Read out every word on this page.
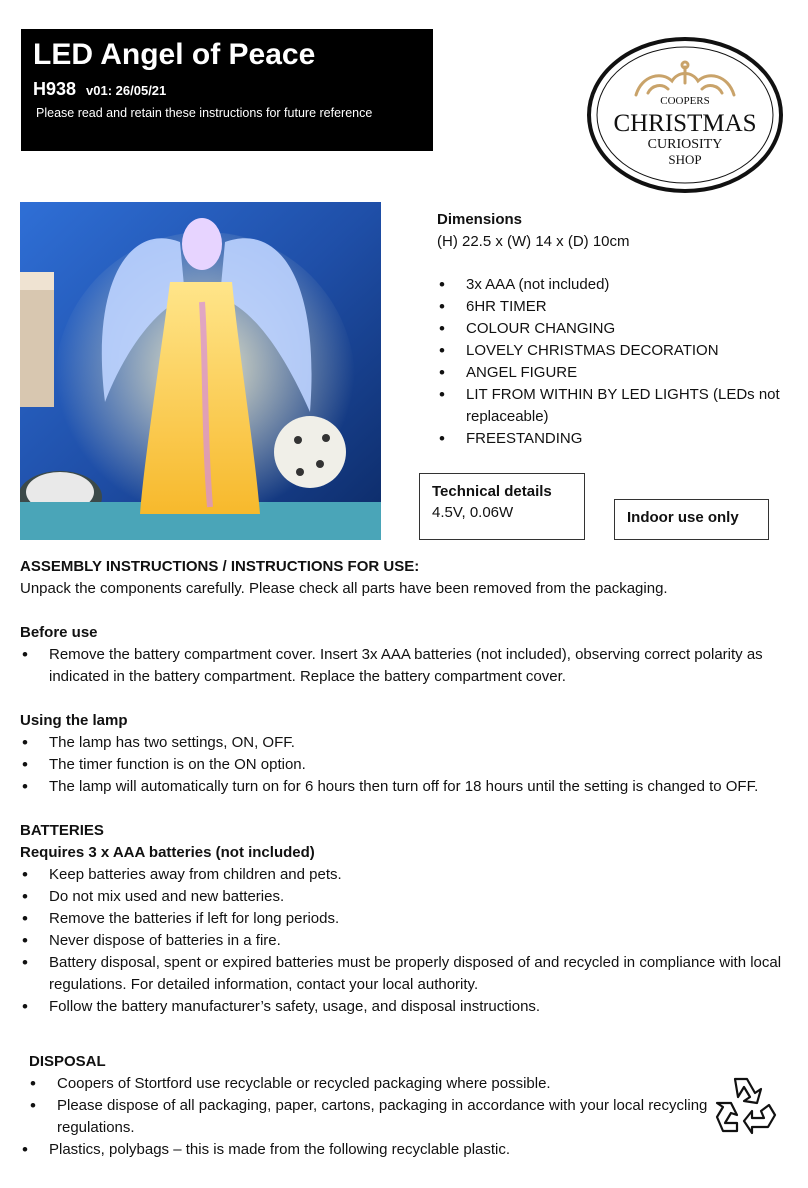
LED Angel of Peace
H938 v01: 26/05/21
Please read and retain these instructions for future reference
COOPERS
CHRISTMAS
CURIOSITY
SHOP
Dimensions
(H) 22.5 x (W) 14 x (D) 10cm
• 3x AAA (not included)
• 6HR TIMER
• COLOUR CHANGING
• LOVELY CHRISTMAS DECORATION
• ANGEL FIGURE
• LIT FROM WITHIN BY LED LIGHTS (LEDs not replaceable)
• FREESTANDING
Technical details
4.5V, 0.06W	Indoor use only
ASSEMBLY INSTRUCTIONS / INSTRUCTIONS FOR USE:
Unpack the components carefully. Please check all parts have been removed from the packaging.
Before use
• Remove the battery compartment cover. Insert 3x AAA batteries (not included), observing correct polarity as indicated in the battery compartment. Replace the battery compartment cover.
Using the lamp
• The lamp has two settings, ON, OFF.
• The timer function is on the ON option.
• The lamp will automatically turn on for 6 hours then turn off for 18 hours until the setting is changed to OFF.
BATTERIES
Requires 3 x AAA batteries (not included)
• Keep batteries away from children and pets.
• Do not mix used and new batteries.
• Remove the batteries if left for long periods.
• Never dispose of batteries in a fire.
• Battery disposal, spent or expired batteries must be properly disposed of and recycled in compliance with local regulations. For detailed information, contact your local authority.
• Follow the battery manufacturer’s safety, usage, and disposal instructions.
DISPOSAL
• Coopers of Stortford use recyclable or recycled packaging where possible.
• Please dispose of all packaging, paper, cartons, packaging in accordance with your local recycling regulations.
• Plastics, polybags – this is made from the following recyclable plastic.
